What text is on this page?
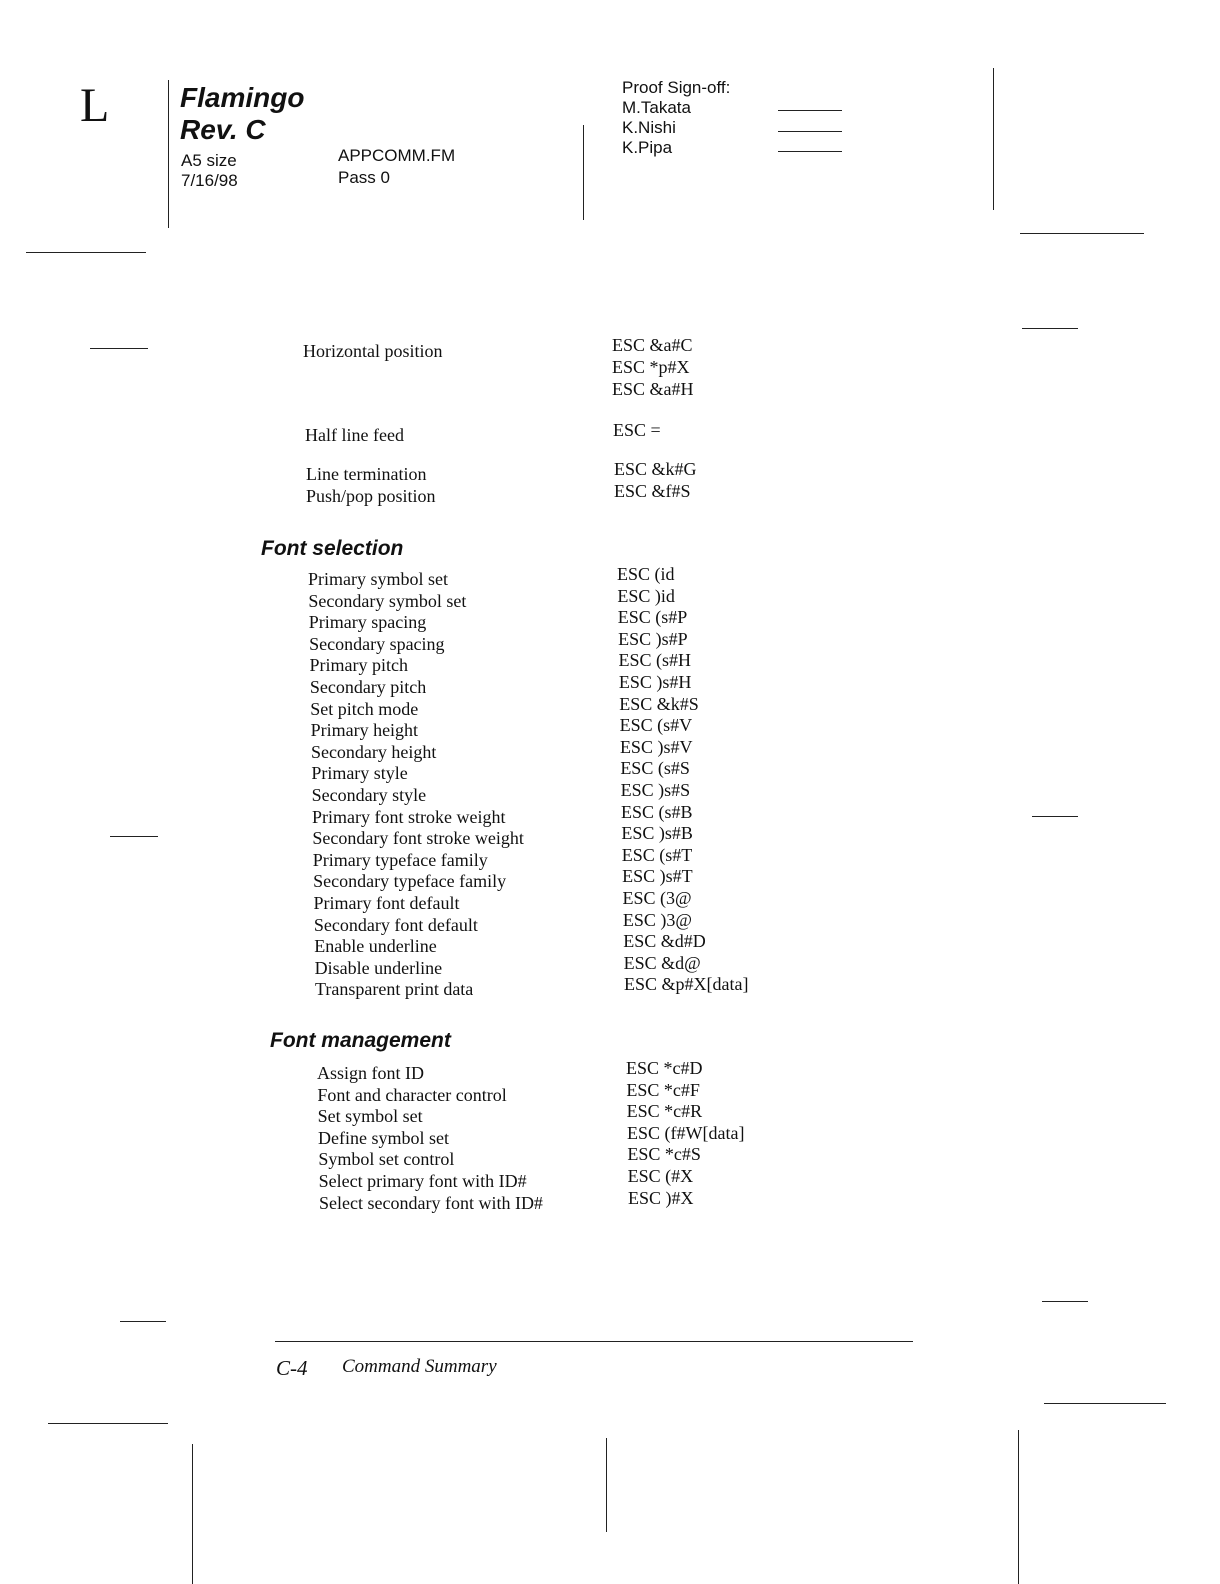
L	Flamingo
Rev. C
A5 size
7/16/98
APPCOMM.FM
Pass 0
Proof Sign-off:
M.Takata
K.Nishi
K.Pipa
Horizontal position	ESC &a#C
ESC *p#X
ESC &a#H
Half line feed	ESC =
Line termination	ESC &k#G
Push/pop position	ESC &f#S
Font selection
Primary symbol set	ESC (id
Secondary symbol set	ESC )id
Primary spacing	ESC (s#P
Secondary spacing	ESC )s#P
Primary pitch	ESC (s#H
Secondary pitch	ESC )s#H
Set pitch mode	ESC &k#S
Primary height	ESC (s#V
Secondary height	ESC )s#V
Primary style	ESC (s#S
Secondary style	ESC )s#S
Primary font stroke weight	ESC (s#B
Secondary font stroke weight	ESC )s#B
Primary typeface family	ESC (s#T
Secondary typeface family	ESC )s#T
Primary font default	ESC (3@
Secondary font default	ESC )3@
Enable underline	ESC &d#D
Disable underline	ESC &d@
Transparent print data	ESC &p#X[data]
Font management
Assign font ID	ESC *c#D
Font and character control	ESC *c#F
Set symbol set	ESC *c#R
Define symbol set	ESC (f#W[data]
Symbol set control	ESC *c#S
Select primary font with ID#	ESC (#X
Select secondary font with ID#	ESC )#X
C-4 Command Summary
